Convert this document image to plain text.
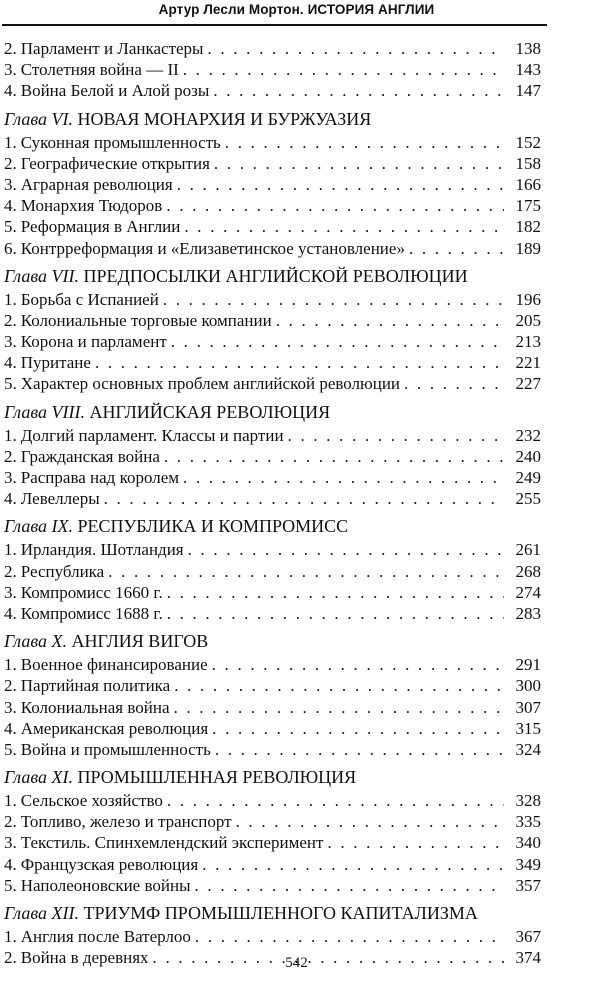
Артур Лесли Мортон. ИСТОРИЯ АНГЛИИ
2. Парламент и Ланкастеры . . .	138
3. Столетняя война — II . . .	143
4. Война Белой и Алой розы . . .	147
Глава VI. НОВАЯ МОНАРХИЯ И БУРЖУАЗИЯ
1. Суконная промышленность . . .	152
2. Географические открытия . . .	158
3. Аграрная революция . . .	166
4. Монархия Тюдоров . . .	175
5. Реформация в Англии . . .	182
6. Контрреформация и «Елизаветинское установление» . . .	189
Глава VII. ПРЕДПОСЫЛКИ АНГЛИЙСКОЙ РЕВОЛЮЦИИ
1. Борьба с Испанией . . .	196
2. Колониальные торговые компании . . .	205
3. Корона и парламент . . .	213
4. Пуритане . . .	221
5. Характер основных проблем английской революции . . .	227
Глава VIII. АНГЛИЙСКАЯ РЕВОЛЮЦИЯ
1. Долгий парламент. Классы и партии . . .	232
2. Гражданская война . . .	240
3. Расправа над королем . . .	249
4. Левеллеры . . .	255
Глава IX. РЕСПУБЛИКА И КОМПРОМИСС
1. Ирландия. Шотландия . . .	261
2. Республика . . .	268
3. Компромисс 1660 г. . . .	274
4. Компромисс 1688 г. . . .	283
Глава X. АНГЛИЯ ВИГОВ
1. Военное финансирование . . .	291
2. Партийная политика . . .	300
3. Колониальная война . . .	307
4. Американская революция . . .	315
5. Война и промышленность . . .	324
Глава XI. ПРОМЫШЛЕННАЯ РЕВОЛЮЦИЯ
1. Сельское хозяйство . . .	328
2. Топливо, железо и транспорт . . .	335
3. Текстиль. Спинхемлендский эксперимент . . .	340
4. Французская революция . . .	349
5. Наполеоновские войны . . .	357
Глава XII. ТРИУМФ ПРОМЫШЛЕННОГО КАПИТАЛИЗМА
1. Англия после Ватерлоо . . .	367
2. Война в деревнях . . .	374
542
